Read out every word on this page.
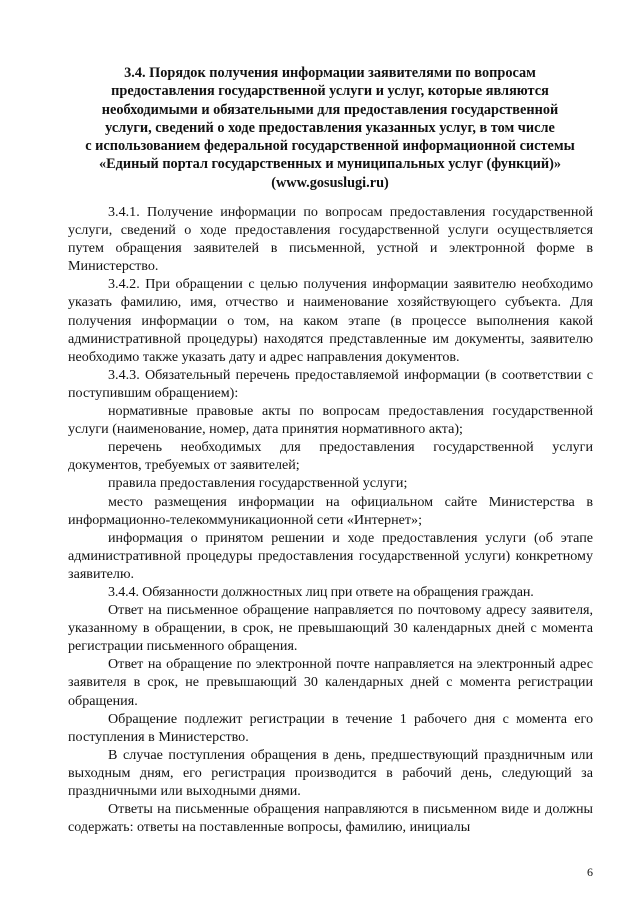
3.4. Порядок получения информации заявителями по вопросам
предоставления государственной услуги и услуг, которые являются
необходимыми и обязательными для предоставления государственной
услуги, сведений о ходе предоставления указанных услуг, в том числе
с использованием федеральной государственной информационной системы
«Единый портал государственных и муниципальных услуг (функций)»
(www.gosuslugi.ru)

3.4.1. Получение информации по вопросам предоставления государственной услуги, сведений о ходе предоставления государственной услуги осуществляется путем обращения заявителей в письменной, устной и электронной форме в Министерство.

3.4.2. При обращении с целью получения информации заявителю необходимо указать фамилию, имя, отчество и наименование хозяйствующего субъекта. Для получения информации о том, на каком этапе (в процессе выполнения какой административной процедуры) находятся представленные им документы, заявителю необходимо также указать дату и адрес направления документов.

3.4.3. Обязательный перечень предоставляемой информации (в соответствии с поступившим обращением):

нормативные правовые акты по вопросам предоставления государственной услуги (наименование, номер, дата принятия нормативного акта);

перечень необходимых для предоставления государственной услуги документов, требуемых от заявителей;

правила предоставления государственной услуги;

место размещения информации на официальном сайте Министерства в информационно-телекоммуникационной сети «Интернет»;

информация о принятом решении и ходе предоставления услуги (об этапе административной процедуры предоставления государственной услуги) конкретному заявителю.

3.4.4. Обязанности должностных лиц при ответе на обращения граждан.

Ответ на письменное обращение направляется по почтовому адресу заявителя, указанному в обращении, в срок, не превышающий 30 календарных дней с момента регистрации письменного обращения.

Ответ на обращение по электронной почте направляется на электронный адрес заявителя в срок, не превышающий 30 календарных дней с момента регистрации обращения.

Обращение подлежит регистрации в течение 1 рабочего дня с момента его поступления в Министерство.

В случае поступления обращения в день, предшествующий праздничным или выходным дням, его регистрация производится в рабочий день, следующий за праздничными или выходными днями.

Ответы на письменные обращения направляются в письменном виде и должны содержать: ответы на поставленные вопросы, фамилию, инициалы

6
